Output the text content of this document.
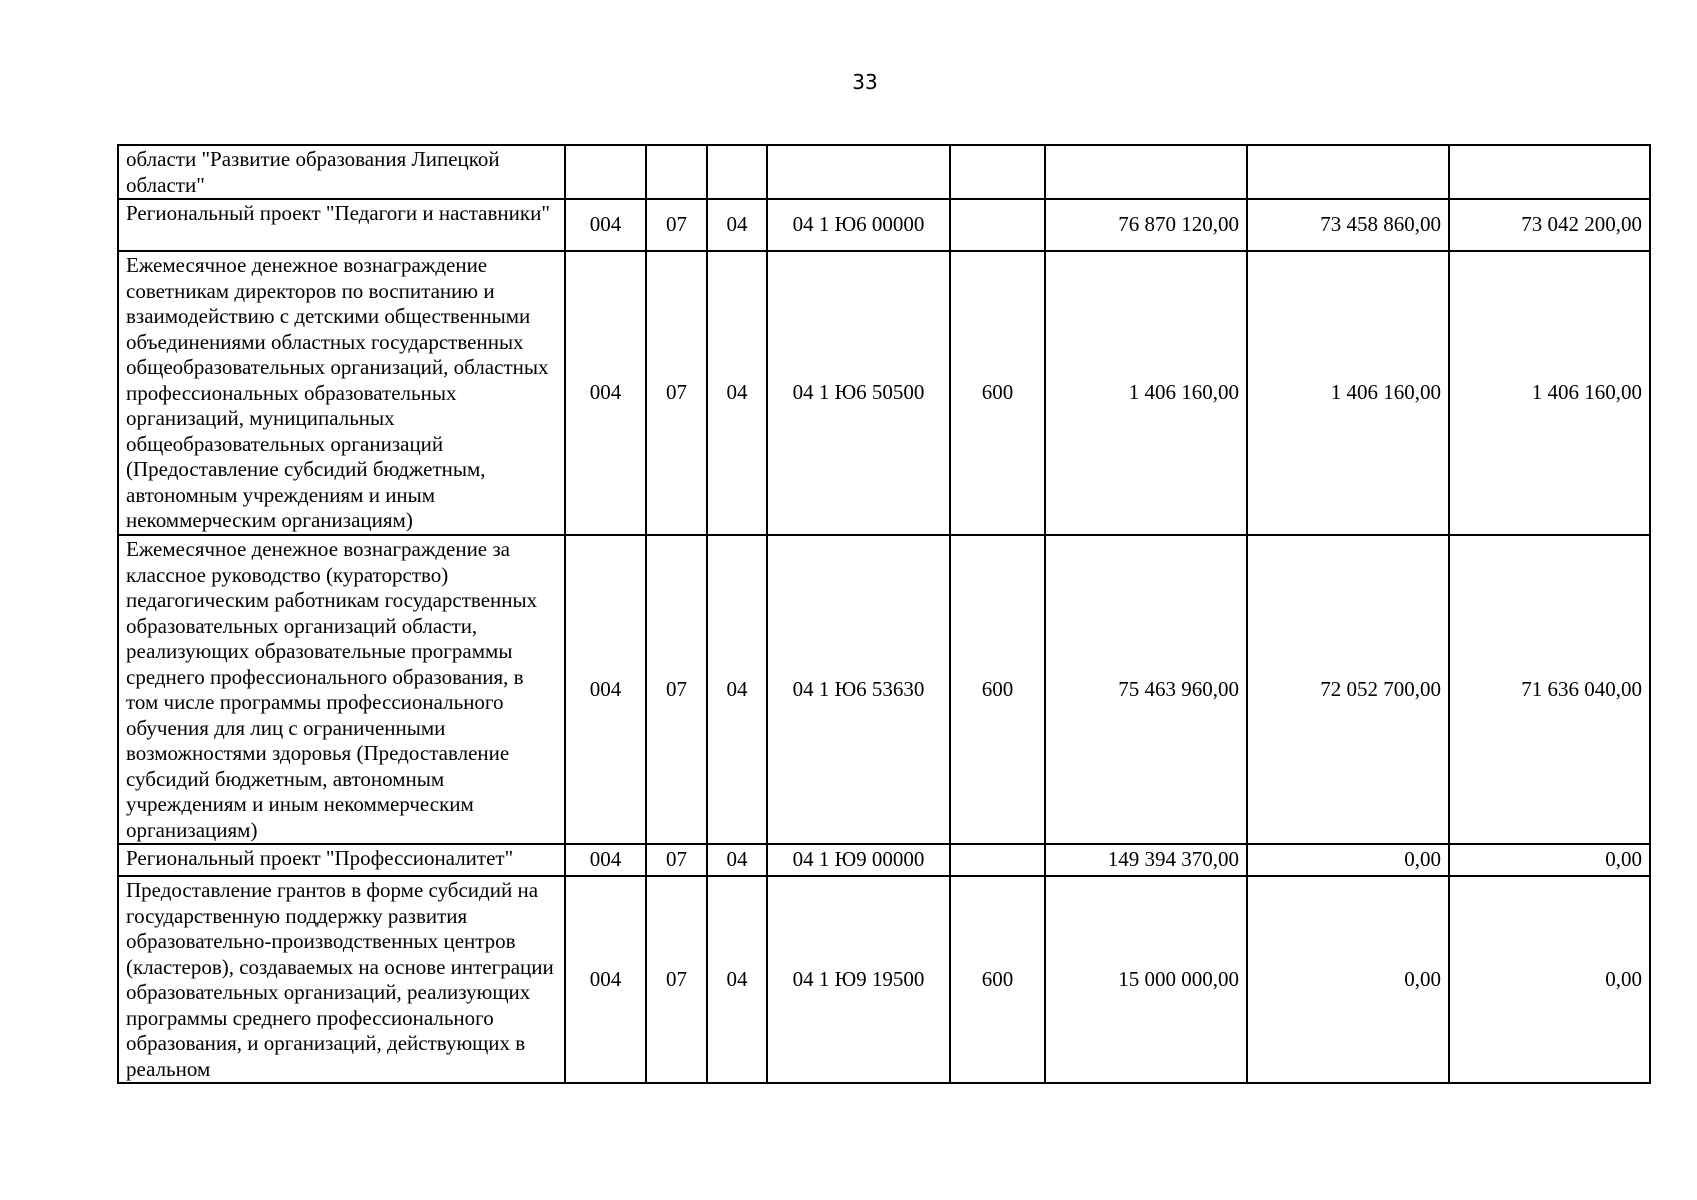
33
области "Развитие образования Липецкой области"								
Региональный проект "Педагоги и наставники"	004	07	04	04 1 Ю6 00000		76 870 120,00	73 458 860,00	73 042 200,00
Ежемесячное денежное вознаграждение советникам директоров по воспитанию и взаимодействию с детскими общественными объединениями областных государственных общеобразовательных организаций, областных профессиональных образовательных организаций, муниципальных общеобразовательных организаций (Предоставление субсидий бюджетным, автономным учреждениям и иным некоммерческим организациям)	004	07	04	04 1 Ю6 50500	600	1 406 160,00	1 406 160,00	1 406 160,00
Ежемесячное денежное вознаграждение за классное руководство (кураторство) педагогическим работникам государственных образовательных организаций области, реализующих образовательные программы среднего профессионального образования, в том числе программы профессионального обучения для лиц с ограниченными возможностями здоровья (Предоставление субсидий бюджетным, автономным учреждениям и иным некоммерческим организациям)	004	07	04	04 1 Ю6 53630	600	75 463 960,00	72 052 700,00	71 636 040,00
Региональный проект "Профессионалитет"	004	07	04	04 1 Ю9 00000		149 394 370,00	0,00	0,00
Предоставление грантов в форме субсидий на государственную поддержку развития образовательно-производственных центров (кластеров), создаваемых на основе интеграции образовательных организаций, реализующих программы среднего профессионального образования, и организаций, действующих в реальном	004	07	04	04 1 Ю9 19500	600	15 000 000,00	0,00	0,00
